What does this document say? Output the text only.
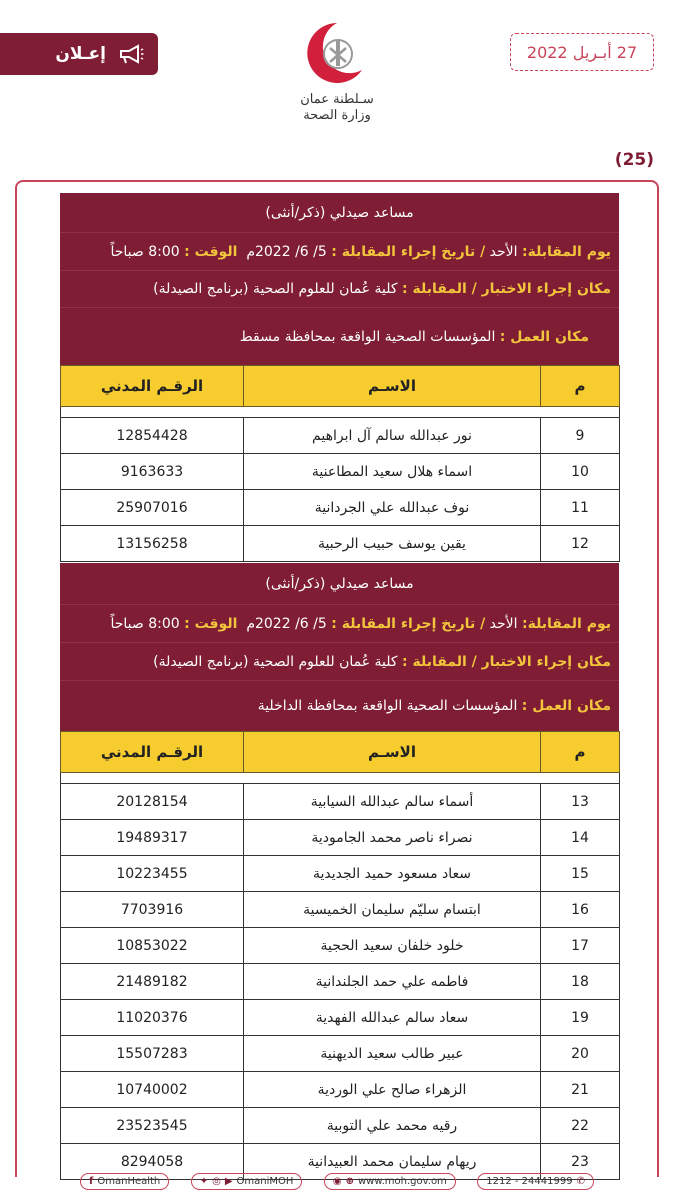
إعـلان
سـلطنة عمان
وزارة الصحة
27 أبـريل 2022
(25)
مساعد صيدلي (ذكر/أنثى)
يوم المقابلة:

الأحد

/ تاريخ إجراء المقابلة :

5/ 6/ 2022م

الوقت :

8:00 صباحاً
مكان إجراء الاختبار / المقابلة :

كلية عُمان للعلوم الصحية (برنامج الصيدلة)
مكان العمل :

المؤسسات الصحية الواقعة بمحافظة مسقط
م	الاسـم	الرقـم المدني

9	نور عبدالله سالم آل ابراهيم	12854428
10	اسماء هلال سعيد المطاعنية	9163633
11	نوف عبدالله علي الجردانية	25907016
12	يقين يوسف حبيب الرحبية	13156258
مساعد صيدلي (ذكر/أنثى)
يوم المقابلة:

الأحد

/ تاريخ إجراء المقابلة :

5/ 6/ 2022م

الوقت :

8:00 صباحاً
مكان إجراء الاختبار / المقابلة :

كلية عُمان للعلوم الصحية (برنامج الصيدلة)
مكان العمل :

المؤسسات الصحية الواقعة بمحافظة الداخلية
م	الاسـم	الرقـم المدني

13	أسماء سالم عبدالله السيابية	20128154
14	نصراء ناصر محمد الجامودية	19489317
15	سعاد مسعود حميد الجديدية	10223455
16	ابتسام سليّم سليمان الخميسية	7703916
17	خلود خلفان سعيد الحجية	10853022
18	فاطمه علي حمد الجلندانية	21489182
19	سعاد سالم عبدالله الفهدية	11020376
20	عبير طالب سعيد الديهنية	15507283
21	الزهراء صالح علي الوردية	10740002
22	رقيه محمد علي التوبية	23523545
23	ريهام سليمان محمد العبيدانية	8294058
f OmanHealth	✦ ◎ ▶ OmaniMOH	◉ ⊕ www.moh.gov.om	1212 - 24441999 ✆
